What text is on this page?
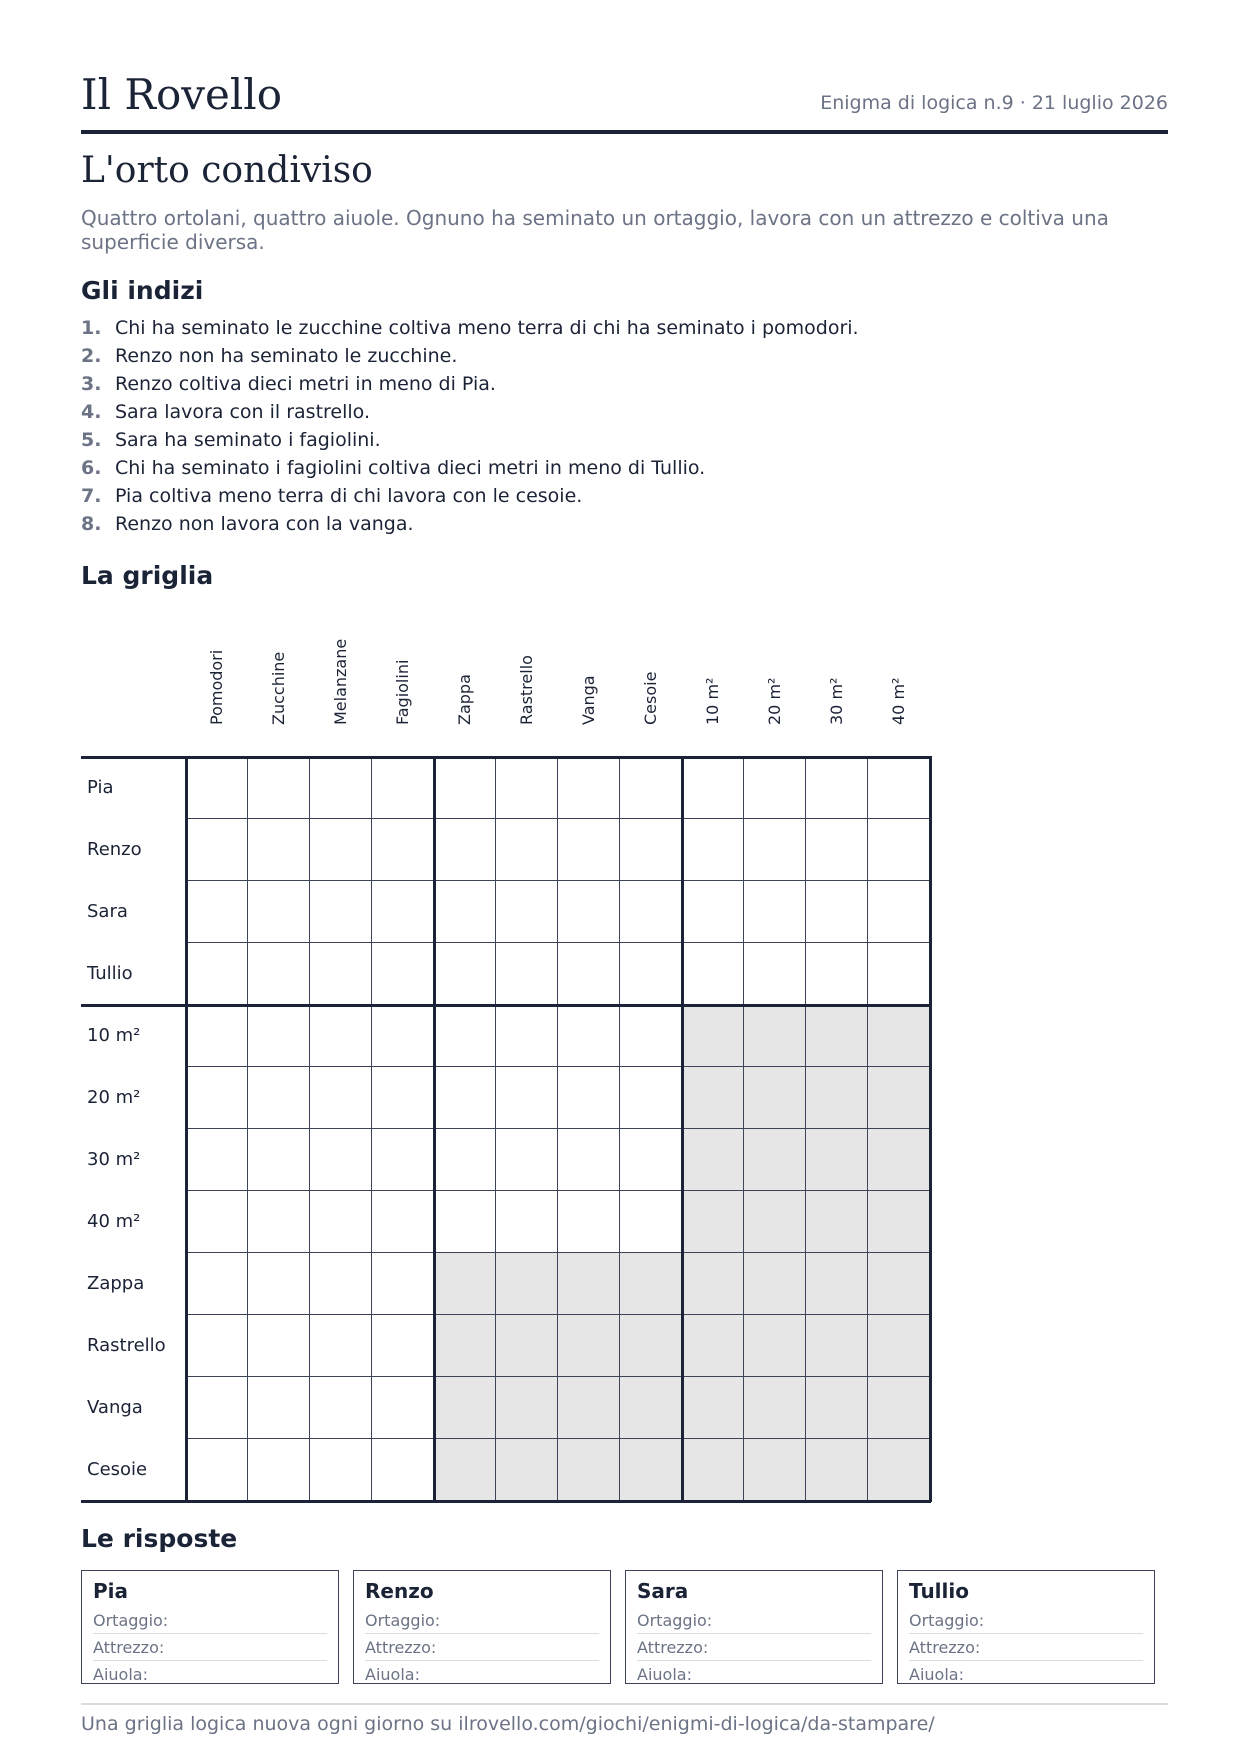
Il Rovello	Enigma di logica n.9 · 21 luglio 2026
L'orto condiviso

Quattro ortolani, quattro aiuole. Ognuno ha seminato un ortaggio, lavora con un attrezzo e coltiva una superficie diversa.

Gli indizi
1. Chi ha seminato le zucchine coltiva meno terra di chi ha seminato i pomodori.
2. Renzo non ha seminato le zucchine.
3. Renzo coltiva dieci metri in meno di Pia.
4. Sara lavora con il rastrello.
5. Sara ha seminato i fagiolini.
6. Chi ha seminato i fagiolini coltiva dieci metri in meno di Tullio.
7. Pia coltiva meno terra di chi lavora con le cesoie.
8. Renzo non lavora con la vanga.
La griglia
Pomodori	Zucchine	Melanzane	Fagiolini	Zappa	Rastrello	Vanga	Cesoie	10 m²	20 m²	30 m²	40 m²
Pia
Renzo
Sara
Tullio
10 m²
20 m²
30 m²
40 m²
Zappa
Rastrello
Vanga
Cesoie
Le risposte
Pia
Ortaggio:
Attrezzo:
Aiuola:
Renzo
Ortaggio:
Attrezzo:
Aiuola:
Sara
Ortaggio:
Attrezzo:
Aiuola:
Tullio
Ortaggio:
Attrezzo:
Aiuola:
Una griglia logica nuova ogni giorno su ilrovello.com/giochi/enigmi-di-logica/da-stampare/
